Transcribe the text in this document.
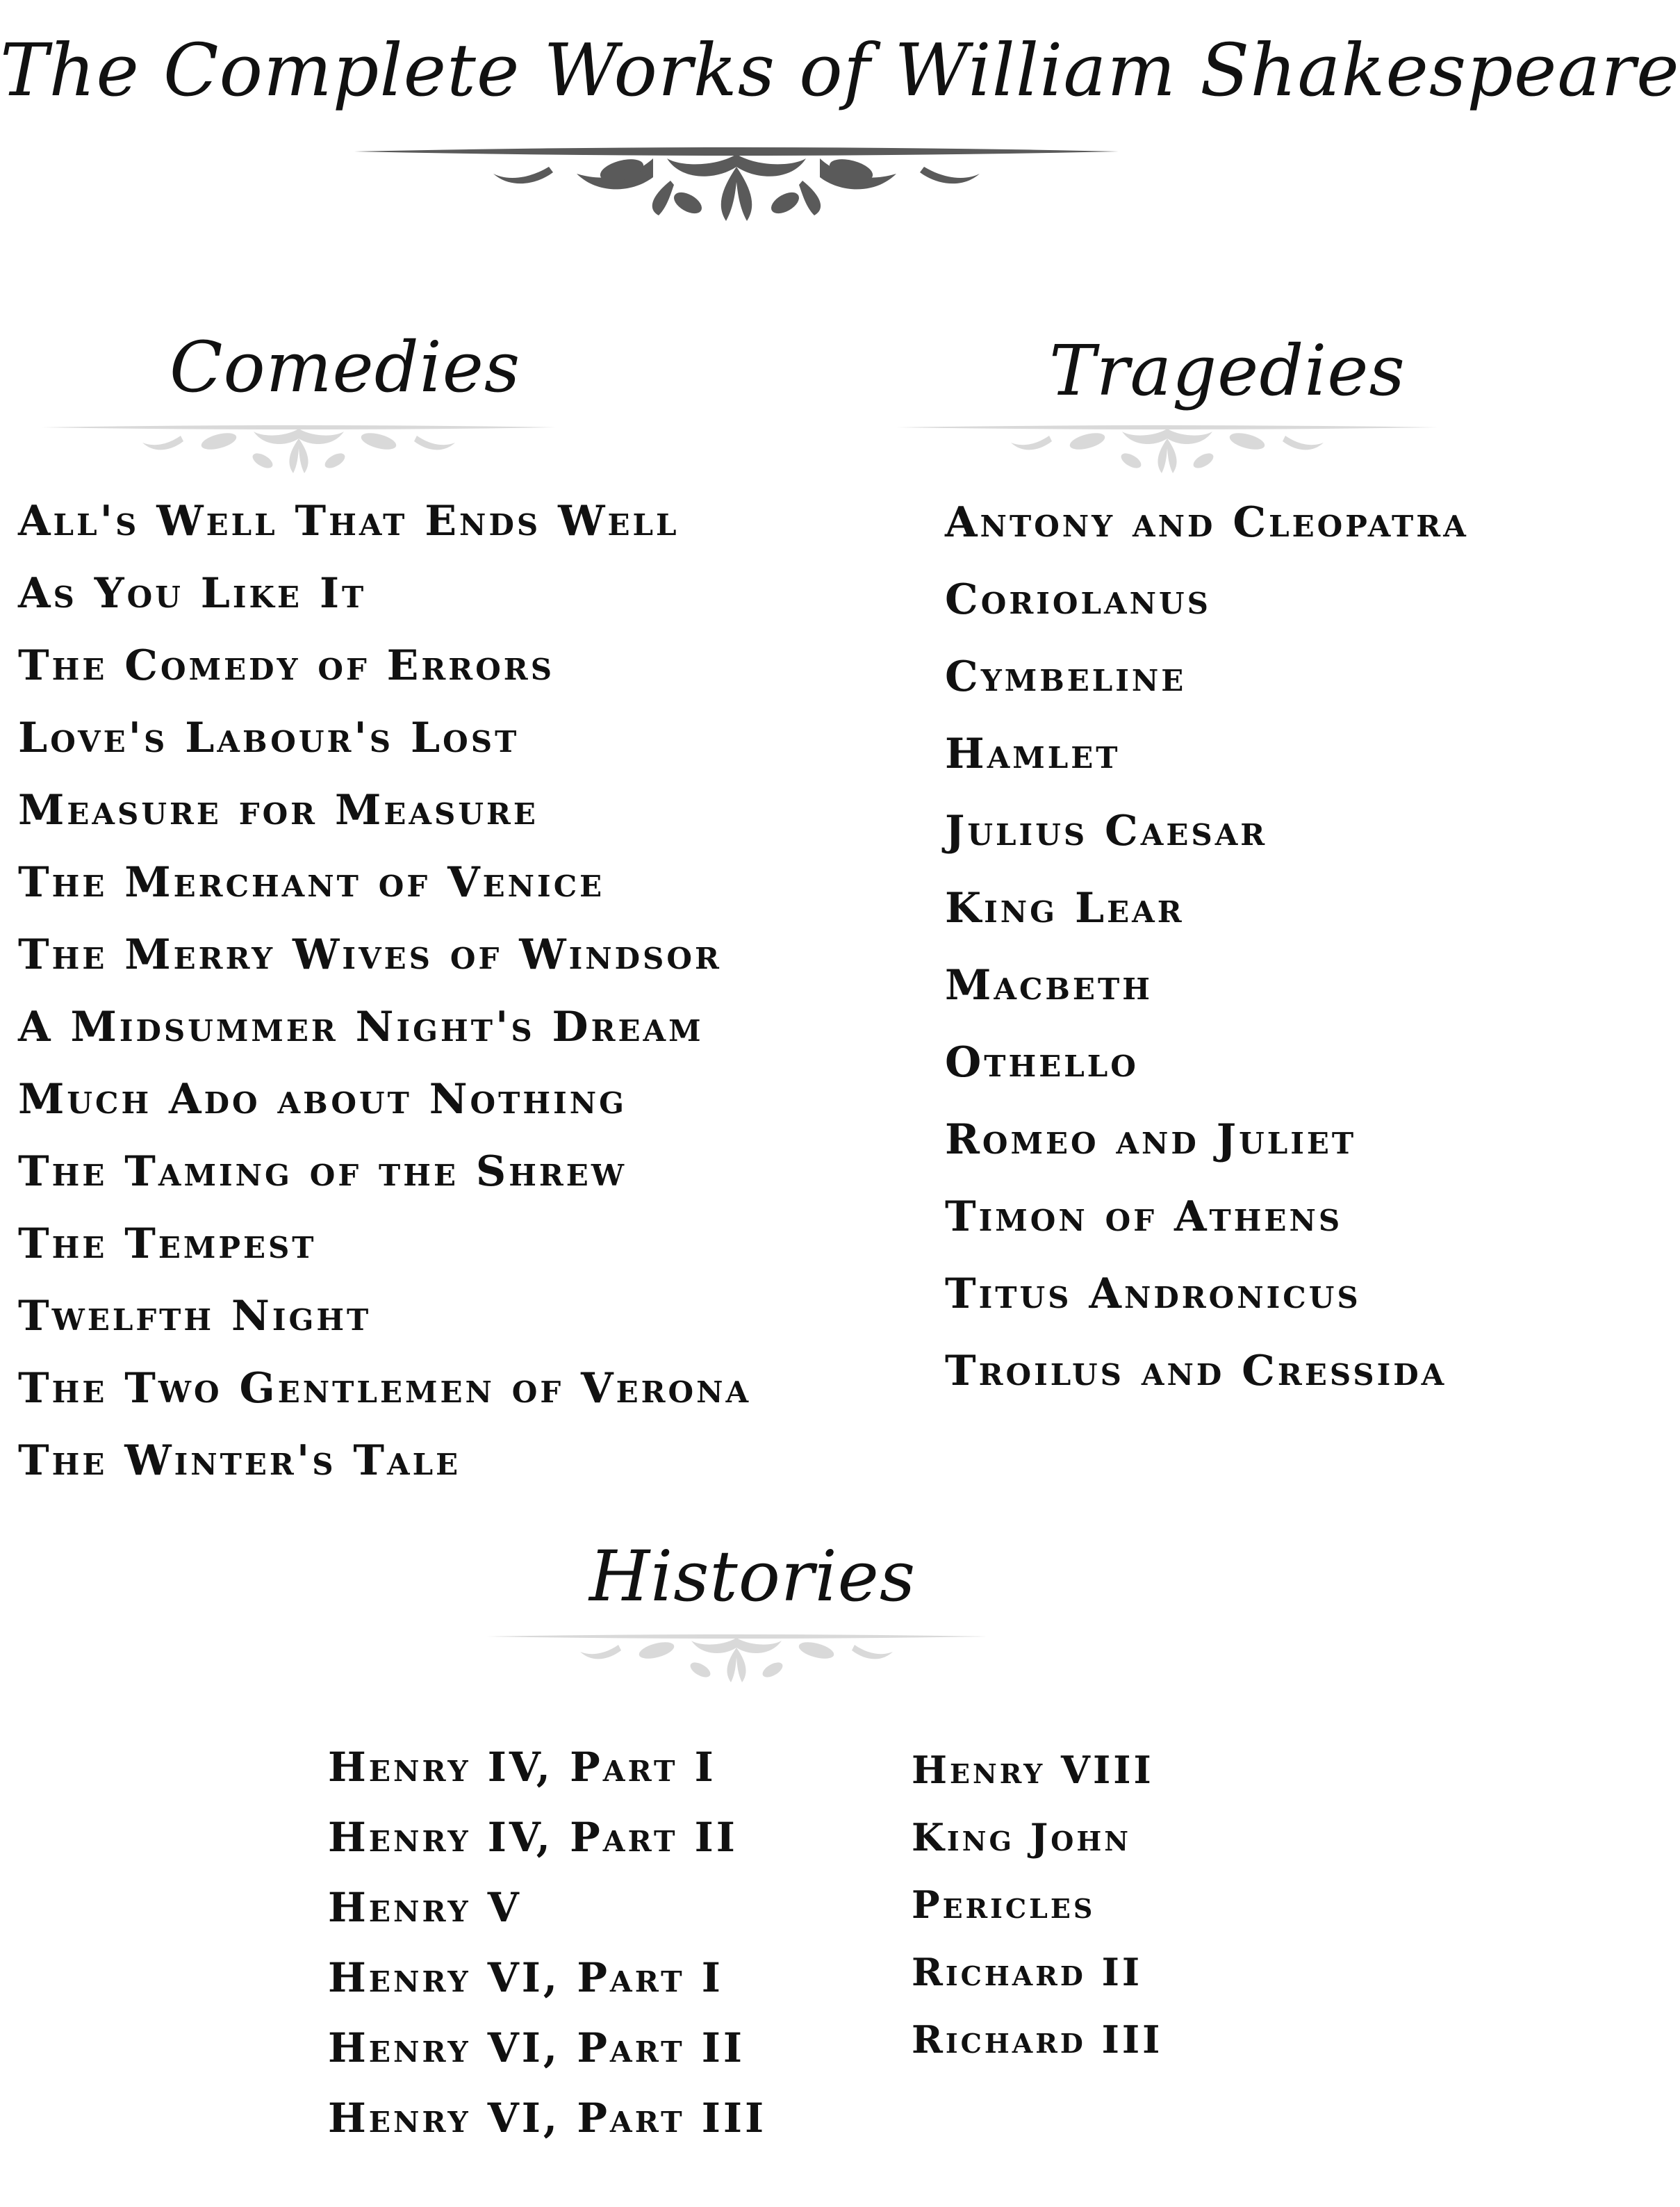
The Complete Works of William Shakespeare
Comedies	Tragedies
All's Well That Ends Well
As You Like It
The Comedy of Errors
Love's Labour's Lost
Measure for Measure
The Merchant of Venice
The Merry Wives of Windsor
A Midsummer Night's Dream
Much Ado about Nothing
The Taming of the Shrew
The Tempest
Twelfth Night
The Two Gentlemen of Verona
The Winter's Tale
Antony and Cleopatra
Coriolanus
Cymbeline
Hamlet
Julius Caesar
King Lear
Macbeth
Othello
Romeo and Juliet
Timon of Athens
Titus Andronicus
Troilus and Cressida
Histories
Henry IV, Part I
Henry IV, Part II
Henry V
Henry VI, Part I
Henry VI, Part II
Henry VI, Part III
Henry VIII
King John
Pericles
Richard II
Richard III
